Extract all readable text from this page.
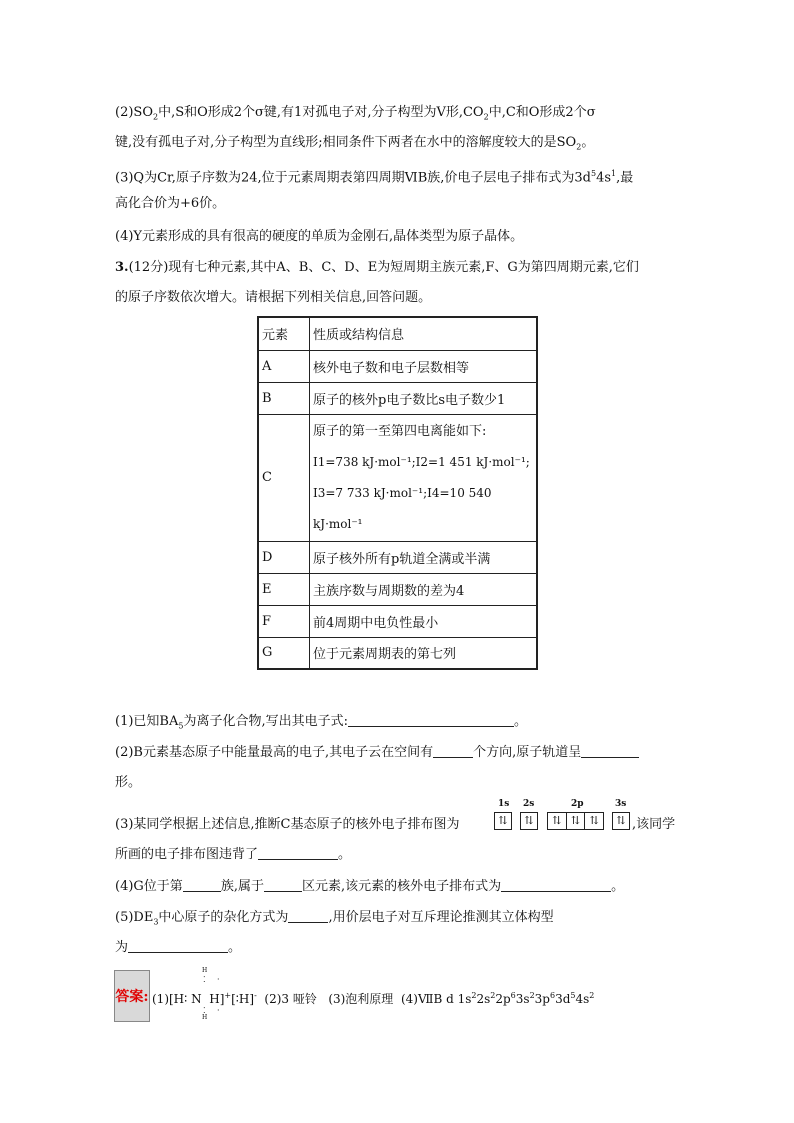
$(2)SO_2$中,S和O形成2个σ键,有1对孤电子对,分子构型为V形$,CO_2$中,C和O形成2个σ
键,没有孤电子对,分子构型为直线形;相同条件下两者在水中的溶解度较大的是$SO_2$。
(3)Q为Cr,原子序数为24,位于元素周期表第四周期ⅥB族,价电子层电子排布式为$3d^54s^1$,最
高化合价为+6价。
(4)Y元素形成的具有很高的硬度的单质为金刚石,晶体类型为原子晶体。
3.(12分)现有七种元素,其中A、B、C、D、E为短周期主族元素,F、G为第四周期元素,它们
的原子序数依次增大。请根据下列相关信息,回答问题。
元素	性质或结构信息
A	核外电子数和电子层数相等
B	原子的核外p电子数比s电子数少1
C	原子的第一至第四电离能如下:
I1=738 kJ·mol⁻¹;I2=1 451 kJ·mol⁻¹;
I3=7 733 kJ·mol⁻¹;I4=10 540
kJ·mol⁻¹

D	原子核外所有p轨道全满或半满
E	主族序数与周期数的差为4
F	前4周期中电负性最小
G	位于元素周期表的第七列
(1)已知$BA_5$为离子化合物,写出其电子式:	。
(2)B元素基态原子中能量最高的电子,其电子云在空间有	个方向,原子轨道呈
形。
(3)某同学根据上述信息,推断C基态原子的核外电子排布图为
1s 2s	2p	3s
⇅	⇅	⇅ ⇅ ⇅	⇅ ,该同学
所画的电子排布图违背了	。
(4)G位于第	族,属于	区元素,该元素的核外电子排布式为	。
$(5)DE_3$中心原子的杂化方式为	,用价层电子对互斥理论推测其立体构型
为	。
答案: (1)[H∶ N H]+[∶H]- (2)3 哑铃 (3)泡利原理 (4)ⅦB d $1s^22s^22p^63s^23p^63d^54s^2$
⁚ ·
H
⁚ ·
H
